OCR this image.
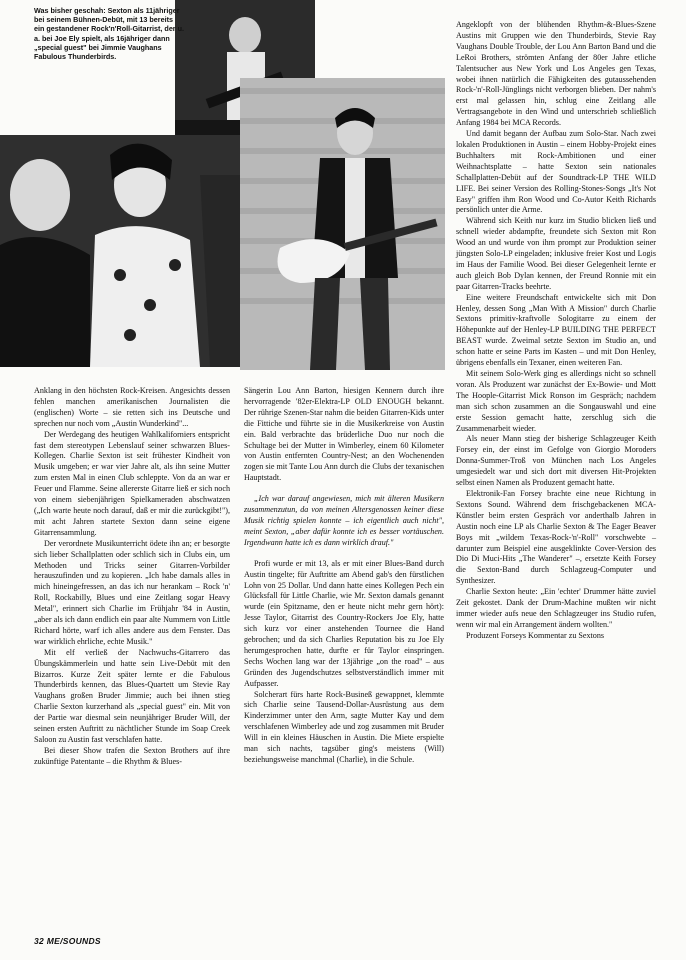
Was bisher geschah: Sexton als 11jähriger bei seinem Bühnen-Debüt, mit 13 bereits ein gestandener Rock'n'Roll-Gitarrist, der u. a. bei Joe Ely spielt, als 16jähriger dann „special guest" bei Jimmie Vaughans Fabulous Thunderbirds.

Anklang in den höchsten Rock-Kreisen. Angesichts dessen fehlen manchen amerikanischen Journalisten die (englischen) Worte – sie retten sich ins Deutsche und sprechen nur noch vom „Austin Wunderkind"...

Der Werdegang des heutigen Wahlkaliforniers entspricht fast dem stereotypen Lebenslauf seiner schwarzen Blues-Kollegen. Charlie Sexton ist seit frühester Kindheit von Musik umgeben; er war vier Jahre alt, als ihn seine Mutter zum ersten Mal in einen Club schleppte. Von da an war er Feuer und Flamme. Seine allererste Gitarre ließ er sich noch von einem siebenjährigen Spielkameraden abschwatzen („Ich warte heute noch darauf, daß er mir die zurückgibt!"), mit acht Jahren startete Sexton dann seine eigene Gitarrensammlung.

Der verordnete Musikunterricht ödete ihn an; er besorgte sich lieber Schallplatten oder schlich sich in Clubs ein, um Methoden und Tricks seiner Gitarren-Vorbilder herauszufinden und zu kopieren. „Ich habe damals alles in mich hineingefressen, an das ich nur herankam – Rock 'n' Roll, Rockabilly, Blues und eine Zeitlang sogar Heavy Metal", erinnert sich Charlie im Frühjahr '84 in Austin, „aber als ich dann endlich ein paar alte Nummern von Little Richard hörte, warf ich alles andere aus dem Fenster. Das war wirklich ehrliche, echte Musik."

Mit elf verließ der Nachwuchs-Gitarrero das Übungskämmerlein und hatte sein Live-Debüt mit den Bizarros. Kurze Zeit später lernte er die Fabulous Thunderbirds kennen, das Blues-Quartett um Stevie Ray Vaughans großen Bruder Jimmie; auch bei ihnen stieg Charlie Sexton kurzerhand als „special guest" ein. Mit von der Partie war diesmal sein neunjähriger Bruder Will, der seinen ersten Auftritt zu nächtlicher Stunde im Soap Creek Saloon zu Austin fast verschlafen hatte.

Bei dieser Show trafen die Sexton Brothers auf ihre zukünftige Patentante – die Rhythm & Blues-

Sängerin Lou Ann Barton, hiesigen Kennern durch ihre hervorragende '82er-Elektra-LP OLD ENOUGH bekannt. Der rührige Szenen-Star nahm die beiden Gitarren-Kids unter die Fittiche und führte sie in die Musikerkreise von Austin ein. Bald verbrachte das brüderliche Duo nur noch die Schultage bei der Mutter in Wimberley, einem 60 Kilometer von Austin entfernten Country-Nest; an den Wochenenden zogen sie mit Tante Lou Ann durch die Clubs der texanischen Hauptstadt.

„Ich war darauf angewiesen, mich mit älteren Musikern zusammenzutun, da von meinen Altersgenossen keiner diese Musik richtig spielen konnte – ich eigentlich auch nicht", meint Sexton, „aber dafür konnte ich es besser vortäuschen. Irgendwann hatte ich es dann wirklich drauf."

Profi wurde er mit 13, als er mit einer Blues-Band durch Austin tingelte; für Auftritte am Abend gab's den fürstlichen Lohn von 25 Dollar. Und dann hatte eines Kollegen Pech ein Glücksfall für Little Charlie, wie Mr. Sexton damals genannt wurde (ein Spitzname, den er heute nicht mehr gern hört): Jesse Taylor, Gitarrist des Country-Rockers Joe Ely, hatte sich kurz vor einer anstehenden Tournee die Hand gebrochen; und da sich Charlies Reputation bis zu Joe Ely herumgesprochen hatte, durfte er für Taylor einspringen. Sechs Wochen lang war der 13jährige „on the road" – aus Gründen des Jugendschutzes selbstverständlich immer mit Aufpasser.

Solcherart fürs harte Rock-Busineß gewappnet, klemmte sich Charlie seine Tausend-Dollar-Ausrüstung aus dem Kinderzimmer unter den Arm, sagte Mutter Kay und dem verschlafenen Wimberley ade und zog zusammen mit Bruder Will in ein kleines Häuschen in Austin. Die Miete erspielte man sich nachts, tagsüber ging's meistens (Will) beziehungsweise manchmal (Charlie), in die Schule.

Angeklopft von der blühenden Rhythm-&-Blues-Szene Austins mit Gruppen wie den Thunderbirds, Stevie Ray Vaughans Double Trouble, der Lou Ann Barton Band und die LeRoi Brothers, strömten Anfang der 80er Jahre etliche Talentsucher aus New York und Los Angeles gen Texas, wobei ihnen natürlich die Fähigkeiten des gutaussehenden Rock-'n'-Roll-Jünglings nicht verborgen blieben. Der nahm's erst mal gelassen hin, schlug eine Zeitlang alle Vertragsangebote in den Wind und unterschrieb schließlich Anfang 1984 bei MCA Records.

Und damit begann der Aufbau zum Solo-Star. Nach zwei lokalen Produktionen in Austin – einem Hobby-Projekt eines Buchhalters mit Rock-Ambitionen und einer Weihnachtsplatte – hatte Sexton sein nationales Schallplatten-Debüt auf der Soundtrack-LP THE WILD LIFE. Bei seiner Version des Rolling-Stones-Songs „It's Not Easy" griffen ihm Ron Wood und Co-Autor Keith Richards persönlich unter die Arme.

Während sich Keith nur kurz im Studio blicken ließ und schnell wieder abdampfte, freundete sich Sexton mit Ron Wood an und wurde von ihm prompt zur Produktion seiner jüngsten Solo-LP eingeladen; inklusive freier Kost und Logis im Haus der Familie Wood. Bei dieser Gelegenheit lernte er auch gleich Bob Dylan kennen, der Freund Ronnie mit ein paar Gitarren-Tracks beehrte.

Eine weitere Freundschaft entwickelte sich mit Don Henley, dessen Song „Man With A Mission" durch Charlie Sextons primitiv-kraftvolle Sologitarre zu einem der Höhepunkte auf der Henley-LP BUILDING THE PERFECT BEAST wurde. Zweimal setzte Sexton im Studio an, und schon hatte er seine Parts im Kasten – und mit Don Henley, übrigens ebenfalls ein Texaner, einen weiteren Fan.

Mit seinem Solo-Werk ging es allerdings nicht so schnell voran. Als Produzent war zunächst der Ex-Bowie- und Mott The Hoople-Gitarrist Mick Ronson im Gespräch; nachdem man sich schon zusammen an die Songauswahl und eine erste Session gemacht hatte, zerschlug sich die Zusammenarbeit wieder.

Als neuer Mann stieg der bisherige Schlagzeuger Keith Forsey ein, der einst im Gefolge von Giorgio Moroders Donna-Summer-Troß von München nach Los Angeles umgesiedelt war und sich dort mit diversen Hit-Projekten selbst einen Namen als Produzent gemacht hatte.

Elektronik-Fan Forsey brachte eine neue Richtung in Sextons Sound. Während dem frischgebackenen MCA-Künstler beim ersten Gespräch vor anderthalb Jahren in Austin noch eine LP als Charlie Sexton & The Eager Beaver Boys mit „wildem Texas-Rock-'n'-Roll" vorschwebte – darunter zum Beispiel eine ausgeklinkte Cover-Version des Dio Di Muci-Hits „The Wanderer" –, ersetzte Keith Forsey die Sexton-Band durch Schlagzeug-Computer und Synthesizer.

Charlie Sexton heute: „Ein 'echter' Drummer hätte zuviel Zeit gekostet. Dank der Drum-Machine mußten wir nicht immer wieder aufs neue den Schlagzeuger ins Studio rufen, wenn wir mal ein Arrangement ändern wollten."

Produzent Forseys Kommentar zu Sextons

32 ME/SOUNDS
